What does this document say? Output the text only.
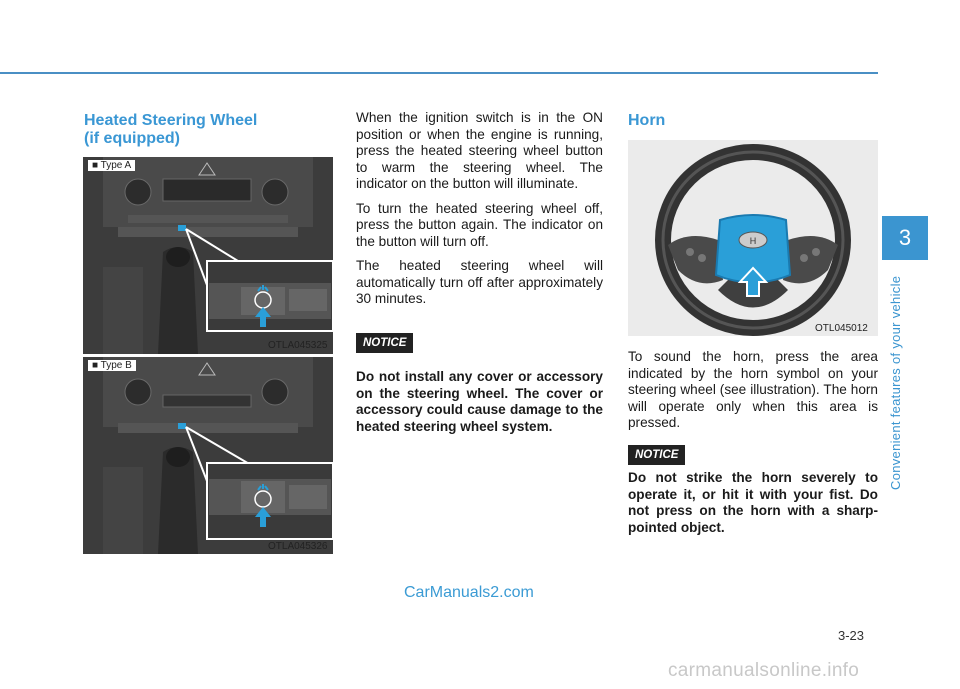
3
Convenient features of your vehicle
Heated Steering Wheel
(if equipped)
■ Type A
OTLA045325
■ Type B
OTLA045326

When the ignition switch is in the ON position or when the engine is running, press the heated steering wheel button to warm the steering wheel. The indicator on the button will illuminate.

To turn the heated steering wheel off, press the button again. The indicator on the button will turn off.

The heated steering wheel will automatically turn off after approximately 30 minutes.

NOTICE
Do not install any cover or accessory on the steering wheel. The cover or accessory could cause damage to the heated steering wheel system.
Horn
H
OTL045012

To sound the horn, press the area indicated by the horn symbol on your steering wheel (see illustration). The horn will operate only when this area is pressed.

NOTICE
Do not strike the horn severely to operate it, or hit it with your fist. Do not press on the horn with a sharp-pointed object.
3-23
CarManuals2.com
carmanualsonline.info
